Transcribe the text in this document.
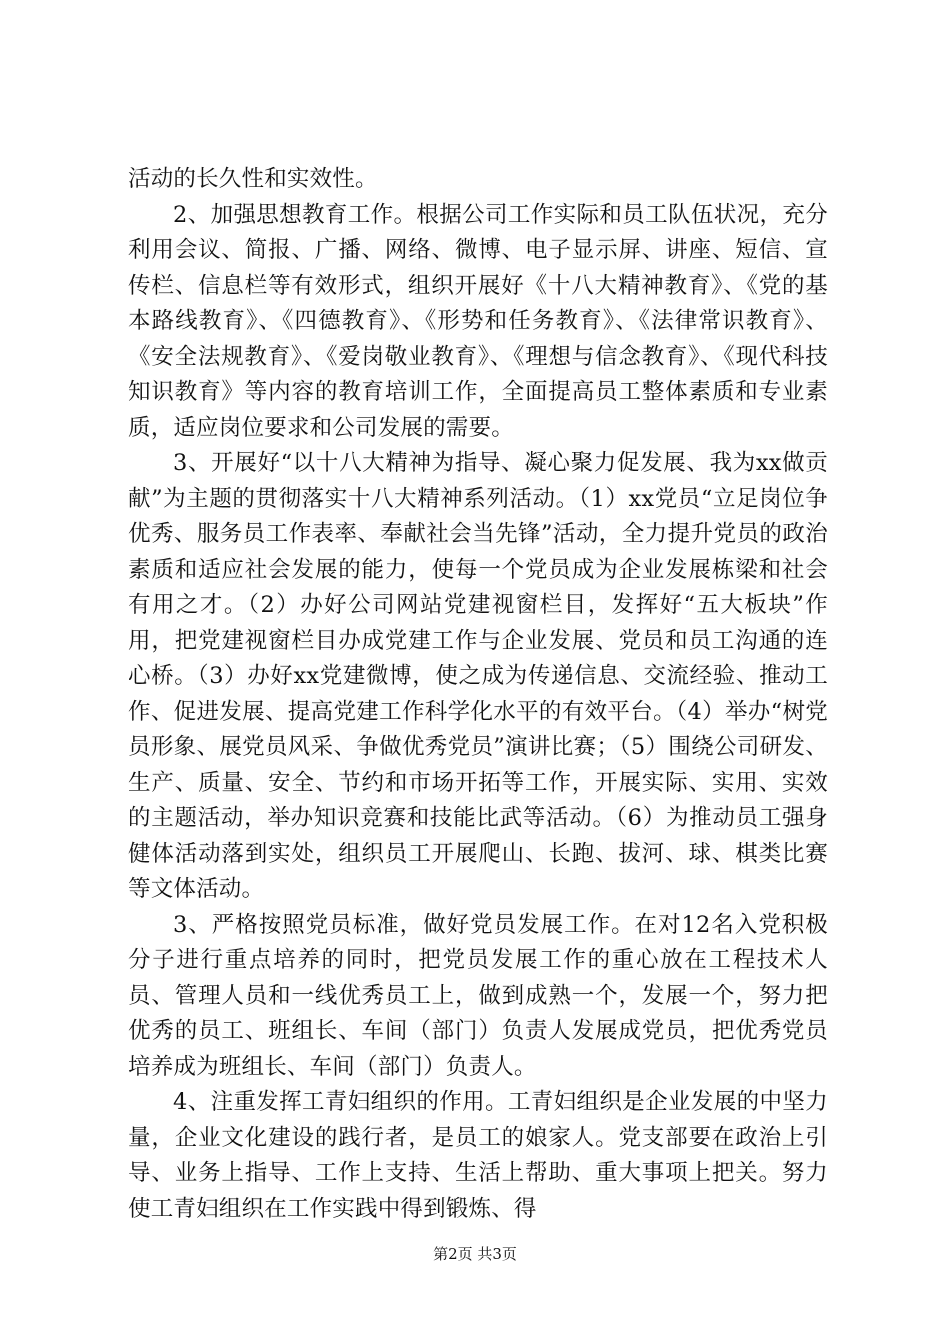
活动的长久性和实效性。

2、加强思想教育工作。根据公司工作实际和员工队伍状况，充分利用会议、简报、广播、网络、微博、电子显示屏、讲座、短信、宣传栏、信息栏等有效形式，组织开展好《十八大精神教育》、《党的基本路线教育》、《四德教育》、《形势和任务教育》、《法律常识教育》、《安全法规教育》、《爱岗敬业教育》、《理想与信念教育》、《现代科技知识教育》等内容的教育培训工作，全面提高员工整体素质和专业素质，适应岗位要求和公司发展的需要。

3、开展好“以十八大精神为指导、凝心聚力促发展、我为xx做贡献”为主题的贯彻落实十八大精神系列活动。（1）xx党员“立足岗位争优秀、服务员工作表率、奉献社会当先锋”活动，全力提升党员的政治素质和适应社会发展的能力，使每一个党员成为企业发展栋梁和社会有用之才。（2）办好公司网站党建视窗栏目，发挥好“五大板块”作用，把党建视窗栏目办成党建工作与企业发展、党员和员工沟通的连心桥。（3）办好xx党建微博，使之成为传递信息、交流经验、推动工作、促进发展、提高党建工作科学化水平的有效平台。（4）举办“树党员形象、展党员风采、争做优秀党员”演讲比赛；（5）围绕公司研发、生产、质量、安全、节约和市场开拓等工作，开展实际、实用、实效的主题活动，举办知识竞赛和技能比武等活动。（6）为推动员工强身健体活动落到实处，组织员工开展爬山、长跑、拔河、球、棋类比赛等文体活动。

3、严格按照党员标准，做好党员发展工作。在对12名入党积极分子进行重点培养的同时，把党员发展工作的重心放在工程技术人员、管理人员和一线优秀员工上，做到成熟一个，发展一个，努力把优秀的员工、班组长、车间（部门）负责人发展成党员，把优秀党员培养成为班组长、车间（部门）负责人。

4、注重发挥工青妇组织的作用。工青妇组织是企业发展的中坚力量，企业文化建设的践行者，是员工的娘家人。党支部要在政治上引导、业务上指导、工作上支持、生活上帮助、重大事项上把关。努力使工青妇组织在工作实践中得到锻炼、得

第2页 共3页
